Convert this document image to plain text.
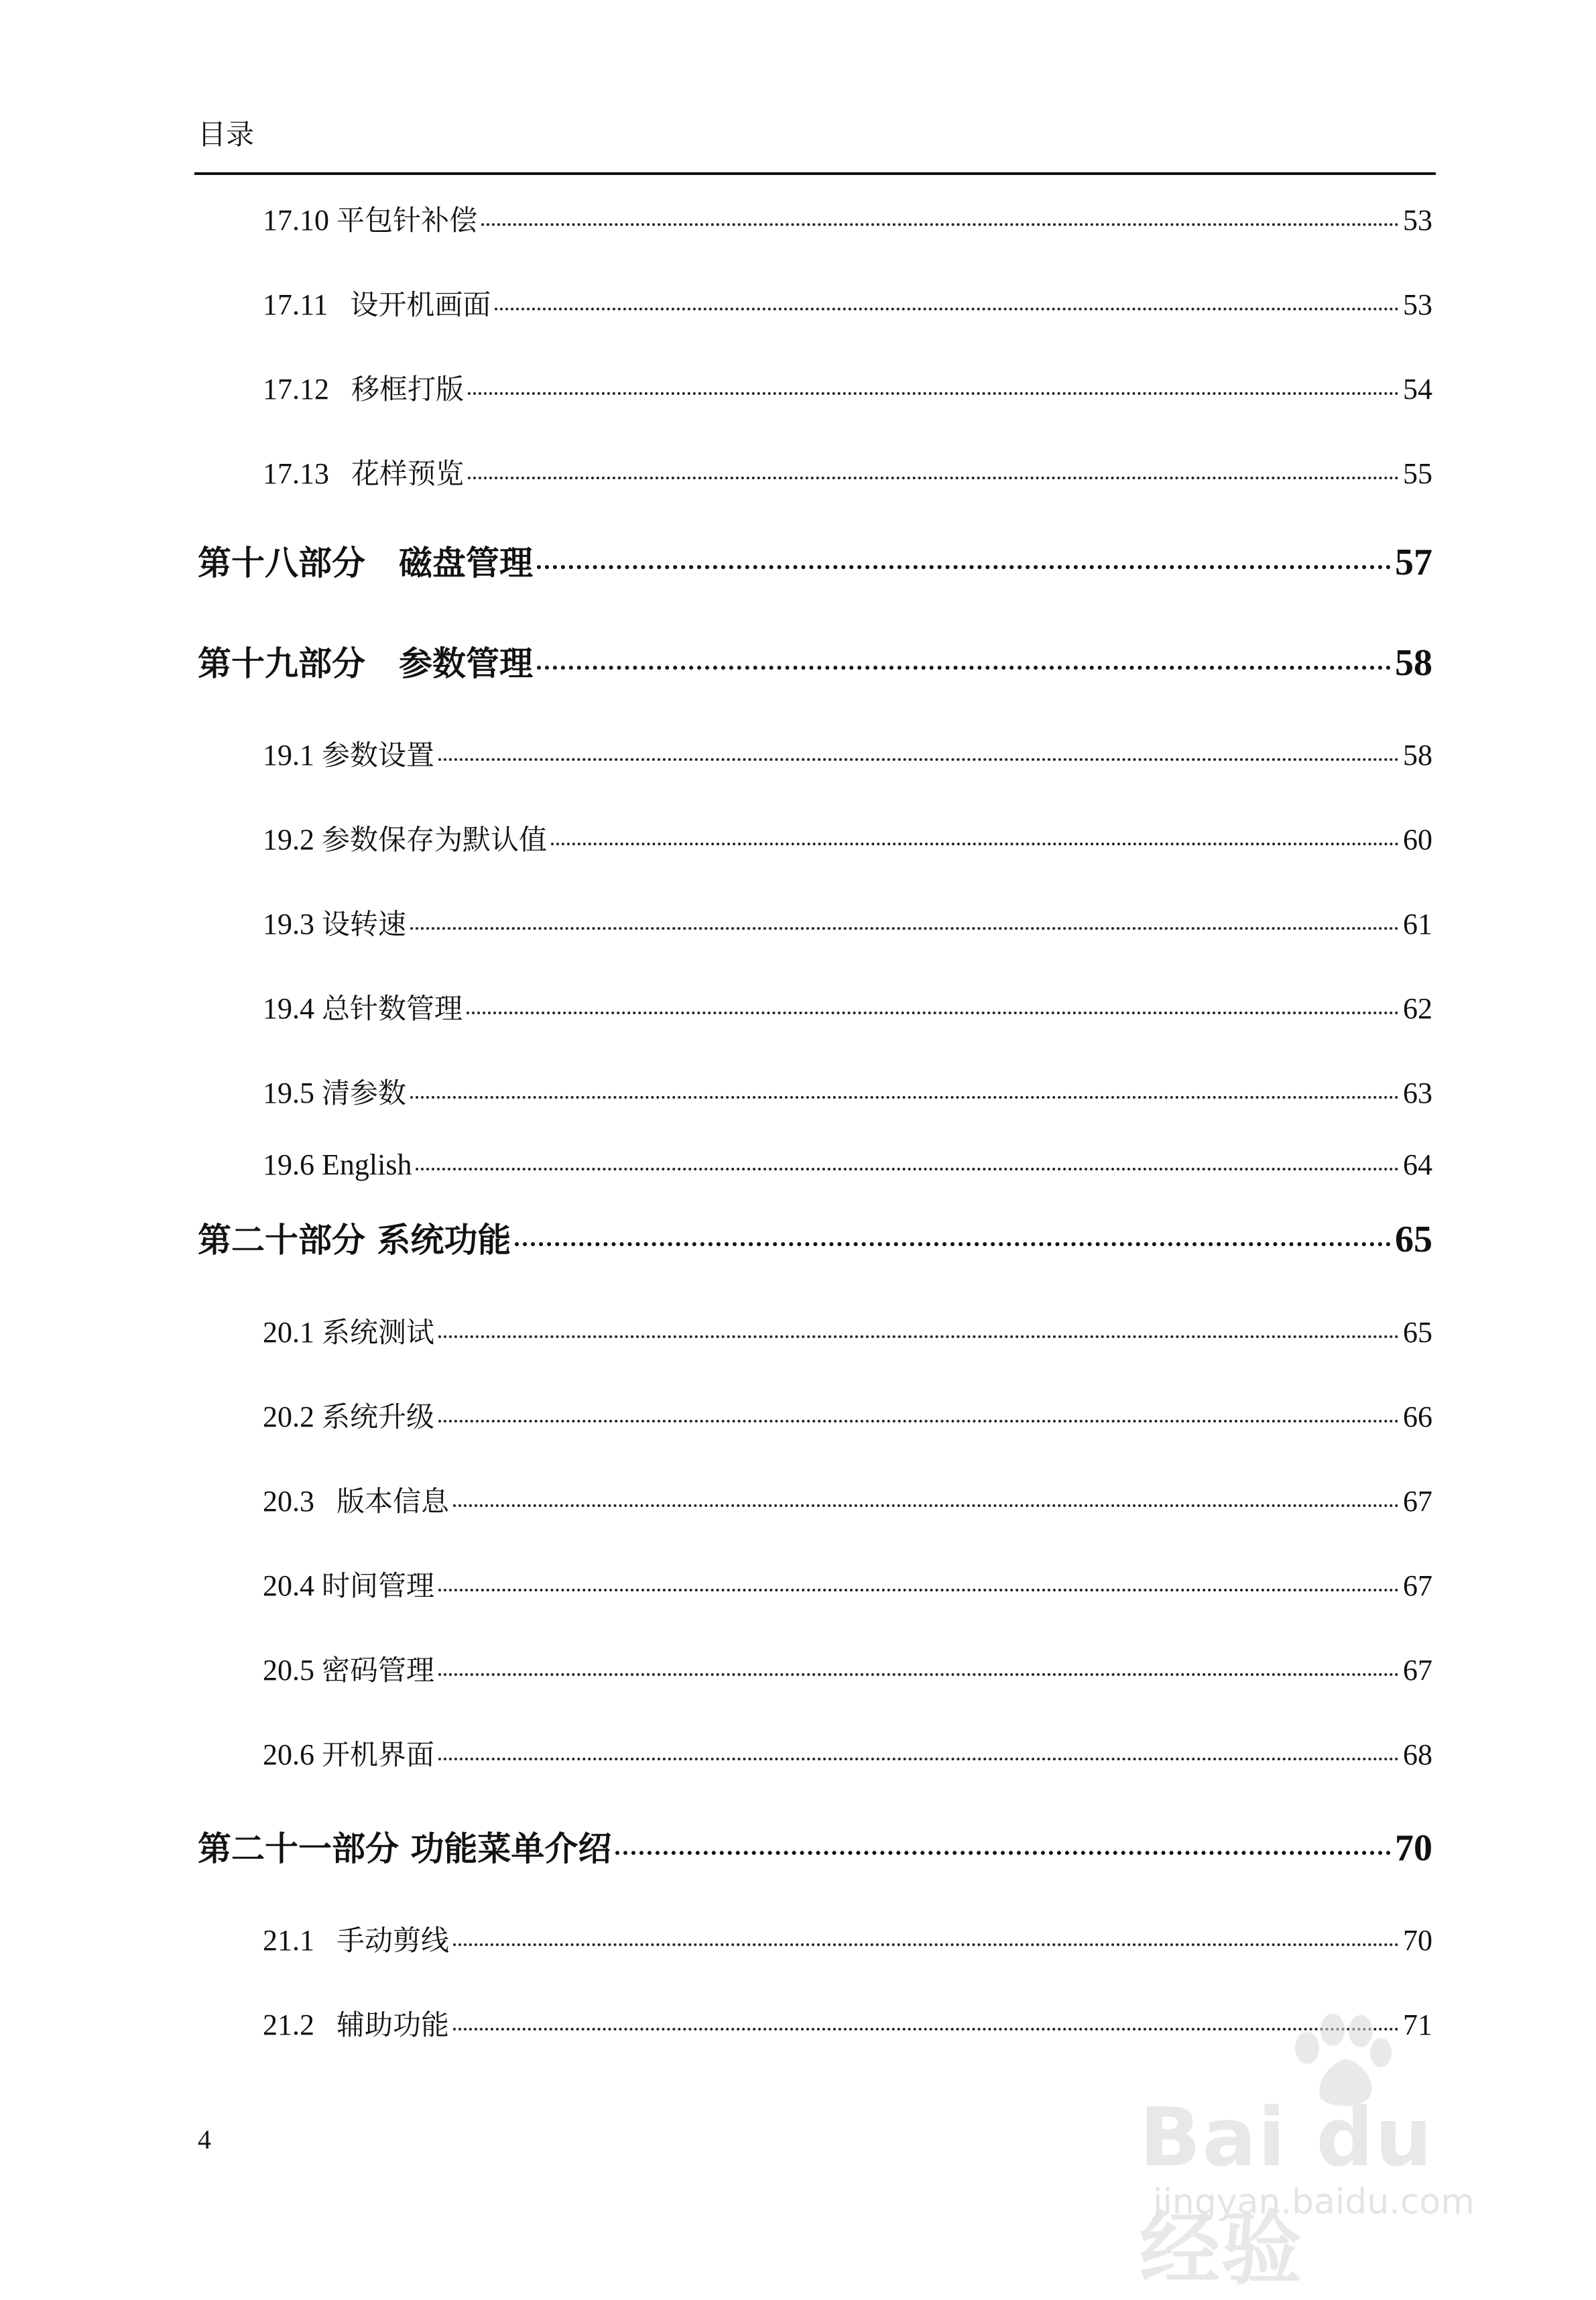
目录
17.10 平包针补偿	53
17.11 设开机画面	53
17.12 移框打版	54
17.13 花样预览	55
第十八部分　磁盘管理	57
第十九部分　参数管理	58
19.1 参数设置	58
19.2 参数保存为默认值	60
19.3 设转速	61
19.4 总针数管理	62
19.5 清参数	63
19.6 English	64
第二十部分 系统功能	65
20.1 系统测试	65
20.2 系统升级	66
20.3 版本信息	67
20.4 时间管理	67
20.5 密码管理	67
20.6 开机界面	68
第二十一部分 功能菜单介绍	70
21.1 手动剪线	70
21.2 辅助功能	71
4	Bai du 经验
jingyan.baidu.com
